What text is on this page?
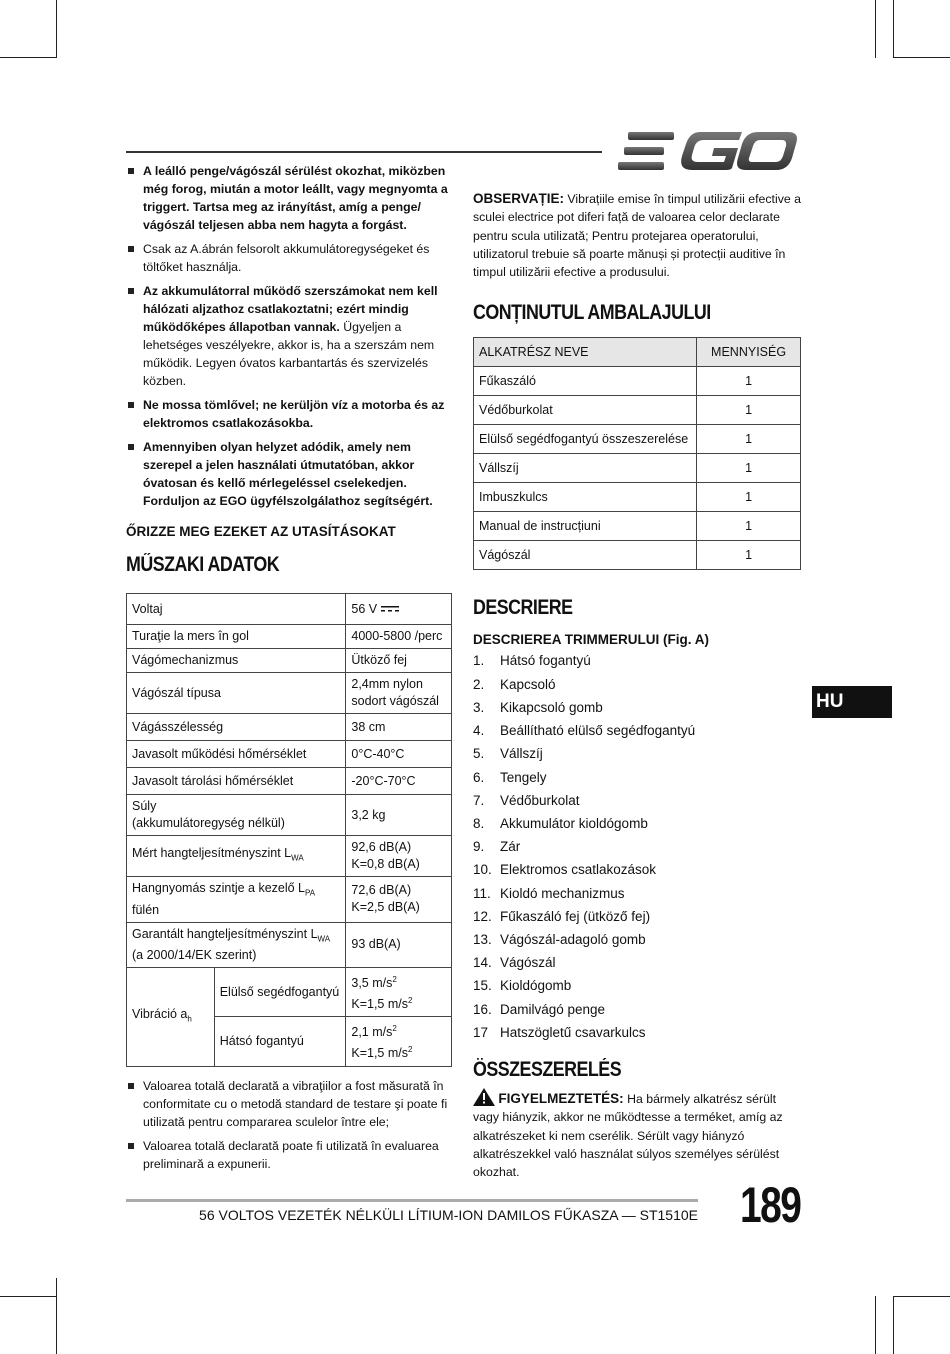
A leálló penge/vágószál sérülést okozhat, miközben még forog, miután a motor leállt, vagy megnyomta a triggert. Tartsa meg az irányítást, amíg a penge/ vágószál teljesen abba nem hagyta a forgást.
Csak az A.ábrán felsorolt akkumulátoregységeket és töltőket használja.
Az akkumulátorral működő szerszámokat nem kell hálózati aljzathoz csatlakoztatni; ezért mindig működőképes állapotban vannak. Ügyeljen a lehetséges veszélyekre, akkor is, ha a szerszám nem működik. Legyen óvatos karbantartás és szervizelés közben.
Ne mossa tömlővel; ne kerüljön víz a motorba és az elektromos csatlakozásokba.
Amennyiben olyan helyzet adódik, amely nem szerepel a jelen használati útmutatóban, akkor óvatosan és kellő mérlegeléssel cselekedjen. Forduljon az EGO ügyfélszolgálathoz segítségért.
ŐRIZZE MEG EZEKET AZ UTASÍTÁSOKAT
MŰSZAKI ADATOK
Voltaj		56 V
Turaţie la mers în gol		4000-5800 /perc
Vágómechanizmus		Ütköző fej
Vágószál típusa		2,4mm nylon
sodort vágószál
Vágásszélesség		38 cm
Javasolt működési hőmérséklet		0°C-40°C
Javasolt tárolási hőmérséklet		-20°C-70°C
Súly
(akkumulátoregység nélkül)		3,2 kg
Mért hangteljesítményszint $L_{WA}$		92,6 dB(A)
K=0,8 dB(A)
Hangnyomás szintje a kezelő $L_{PA}$
fülén		72,6 dB(A)
K=2,5 dB(A)
Garantált hangteljesítményszint $L_{WA}$
(a 2000/14/EK szerint)		93 dB(A)
Vibráció $a_h$	Elülső segédfogantyú	3,5 $m/s^2$
K=1,5 $m/s^2$
	Hátsó fogantyú	2,1 $m/s^2$
K=1,5 $m/s^2$
Valoarea totală declarată a vibraţiilor a fost măsurată în conformitate cu o metodă standard de testare şi poate fi utilizată pentru compararea sculelor între ele;
Valoarea totală declarată poate fi utilizată în evaluarea preliminară a expunerii.
OBSERVAȚIE: Vibrațiile emise în timpul utilizării efective a sculei electrice pot diferi față de valoarea celor declarate pentru scula utilizată; Pentru protejarea operatorului, utilizatorul trebuie să poarte mănuși și protecții auditive în timpul utilizării efective a produsului.
CONȚINUTUL AMBALAJULUI
ALKATRÉSZ NEVE	MENNYISÉG
Fűkaszáló	1
Védőburkolat	1
Elülső segédfogantyú összeszerelése	1
Vállszíj	1
Imbuszkulcs	1
Manual de instrucțiuni	1
Vágószál	1
DESCRIERE
DESCRIEREA TRIMMERULUI (Fig. A)
1. Hátsó fogantyú
2. Kapcsoló
3. Kikapcsoló gomb
4. Beállítható elülső segédfogantyú
5. Vállszíj
6. Tengely
7. Védőburkolat
8. Akkumulátor kioldógomb
9. Zár
10. Elektromos csatlakozások
11. Kioldó mechanizmus
12. Fűkaszáló fej (ütköző fej)
13. Vágószál-adagoló gomb
14. Vágószál
15. Kioldógomb
16. Damilvágó penge
17 Hatszögletű csavarkulcs
ÖSSZESZERELÉS
FIGYELMEZTETÉS: Ha bármely alkatrész sérült vagy hiányzik, akkor ne működtesse a terméket, amíg az alkatrészeket ki nem cserélik. Sérült vagy hiányzó alkatrészekkel való használat súlyos személyes sérülést okozhat.
HU
56 VOLTOS VEZETÉK NÉLKÜLI LÍTIUM-ION DAMILOS FŰKASZA — ST1510E 189
